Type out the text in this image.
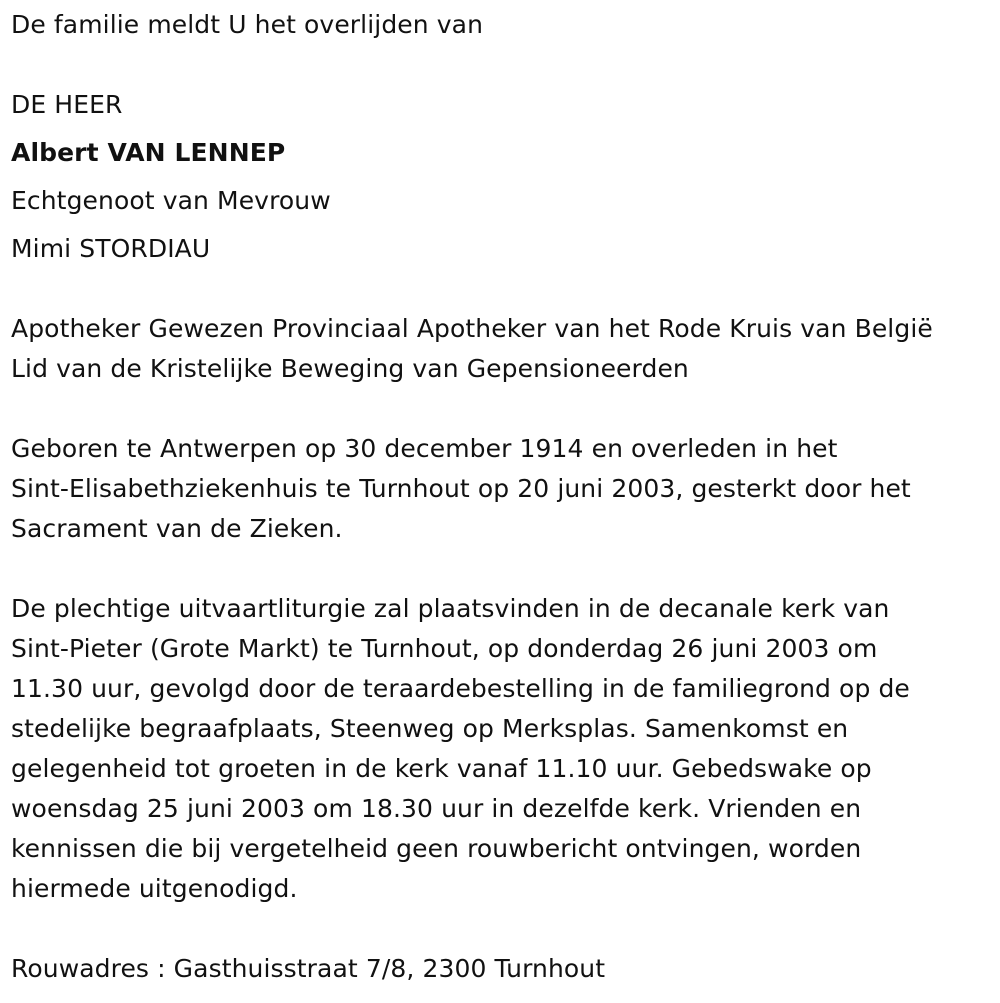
De familie meldt U het overlijden van
DE HEER
Albert VAN LENNEP
Echtgenoot van Mevrouw
Mimi STORDIAU
Apotheker Gewezen Provinciaal Apotheker van het Rode Kruis van België
Lid van de Kristelijke Beweging van Gepensioneerden
Geboren te Antwerpen op 30 december 1914 en overleden in het
Sint-Elisabethziekenhuis te Turnhout op 20 juni 2003, gesterkt door het
Sacrament van de Zieken.
De plechtige uitvaartliturgie zal plaatsvinden in de decanale kerk van
Sint-Pieter (Grote Markt) te Turnhout, op donderdag 26 juni 2003 om
11.30 uur, gevolgd door de teraardebestelling in de familiegrond op de
stedelijke begraafplaats, Steenweg op Merksplas. Samenkomst en
gelegenheid tot groeten in de kerk vanaf 11.10 uur. Gebedswake op
woensdag 25 juni 2003 om 18.30 uur in dezelfde kerk. Vrienden en
kennissen die bij vergetelheid geen rouwbericht ontvingen, worden
hiermede uitgenodigd.
Rouwadres : Gasthuisstraat 7/8, 2300 Turnhout
